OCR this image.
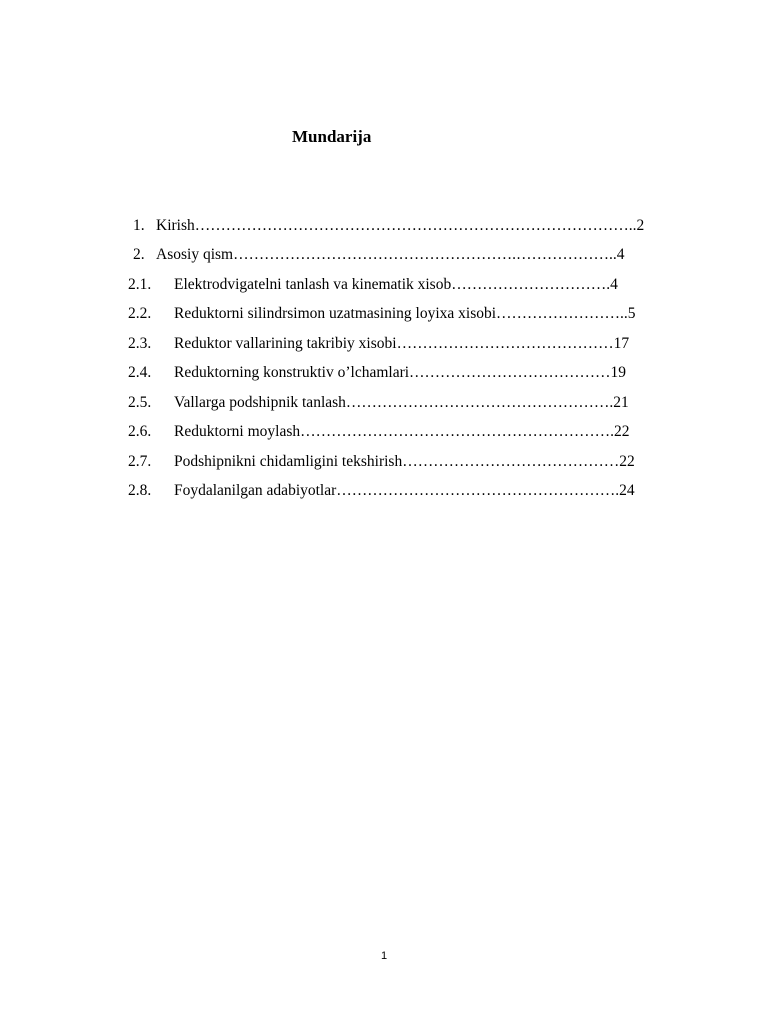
Mundarija
1. Kirish…………………………………………………………………………..2
2. Asosiy qism……………………………………………….………………..4
2.1. Elektrodvigatelni tanlash va kinematik xisob………………………….4
2.2. Reduktorni silindrsimon uzatmasining loyixa xisobi……………………..5
2.3. Reduktor vallarining takribiy xisobi……………………………………17
2.4. Reduktorning konstruktiv o’lchamlari…………………………………19
2.5. Vallarga podshipnik tanlash…………………………………………….21
2.6. Reduktorni moylash…………………………………………………….22
2.7. Podshipnikni chidamligini tekshirish……………………………………22
2.8. Foydalanilgan adabiyotlar……………………………………………….24
1
